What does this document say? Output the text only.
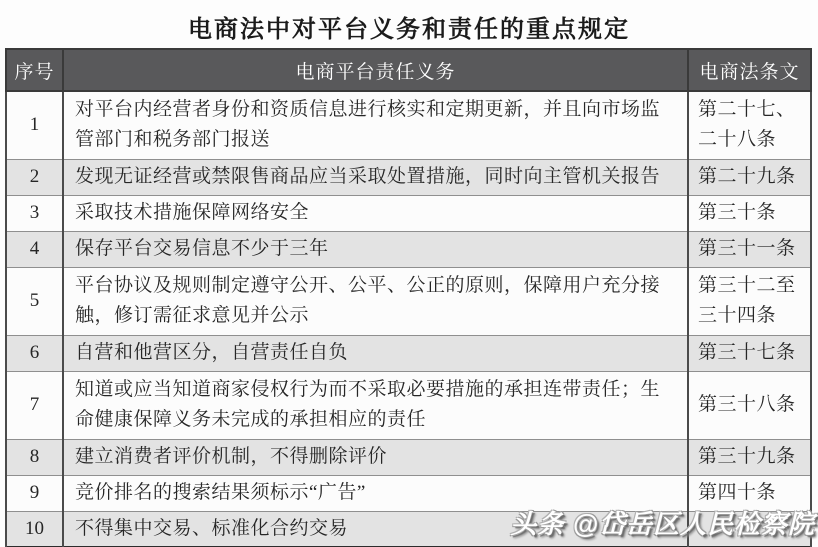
电商法中对平台义务和责任的重点规定
序号	电商平台责任义务	电商法条文
1	对平台内经营者身份和资质信息进行核实和定期更新，并且向市场监管部门和税务部门报送	第二十七、二十八条
2	发现无证经营或禁限售商品应当采取处置措施，同时向主管机关报告	第二十九条
3	采取技术措施保障网络安全	第三十条
4	保存平台交易信息不少于三年	第三十一条
5	平台协议及规则制定遵守公开、公平、公正的原则，保障用户充分接触，修订需征求意见并公示	第三十二至三十四条
6	自营和他营区分，自营责任自负	第三十七条
7	知道或应当知道商家侵权行为而不采取必要措施的承担连带责任；生命健康保障义务未完成的承担相应的责任	第三十八条
8	建立消费者评价机制，不得删除评价	第三十九条
9	竞价排名的搜索结果须标示“广告”	第四十条
10	不得集中交易、标准化合约交易		头条 @岱岳区人民检察院
